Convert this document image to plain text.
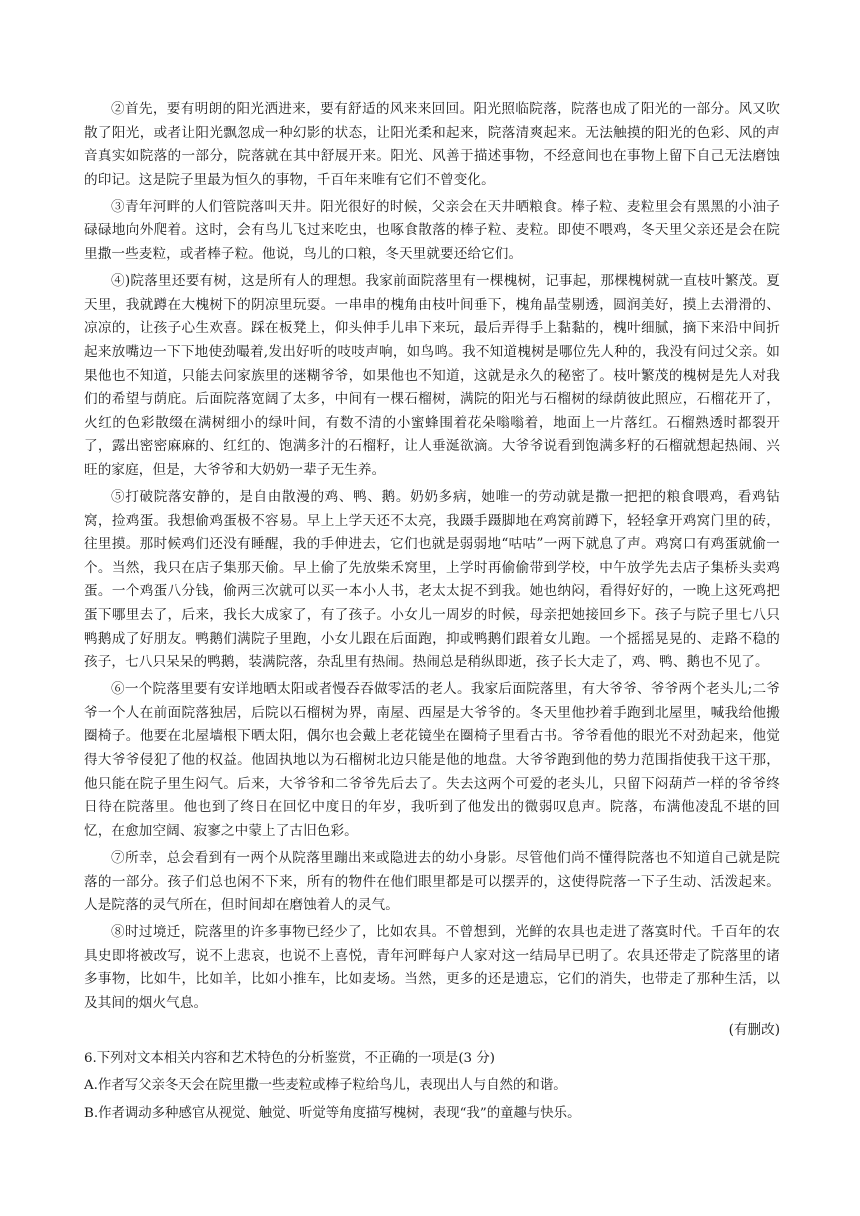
②首先，要有明朗的阳光洒进来，要有舒适的风来来回回。阳光照临院落，院落也成了阳光的一部分。风又吹散了阳光，或者让阳光飘忽成一种幻影的状态，让阳光柔和起来，院落清爽起来。无法触摸的阳光的色彩、风的声音真实如院落的一部分，院落就在其中舒展开来。阳光、风善于描述事物，不经意间也在事物上留下自己无法磨蚀的印记。这是院子里最为恒久的事物，千百年来唯有它们不曾变化。

③青年河畔的人们管院落叫天井。阳光很好的时候，父亲会在天井晒粮食。棒子粒、麦粒里会有黑黑的小油子碌碌地向外爬着。这时，会有鸟儿飞过来吃虫，也啄食散落的棒子粒、麦粒。即使不喂鸡，冬天里父亲还是会在院里撒一些麦粒，或者棒子粒。他说，鸟儿的口粮，冬天里就要还给它们。

④)院落里还要有树，这是所有人的理想。我家前面院落里有一棵槐树，记事起，那棵槐树就一直枝叶繁茂。夏天里，我就蹲在大槐树下的阴凉里玩耍。一串串的槐角由枝叶间垂下，槐角晶莹剔透，圆润美好，摸上去滑滑的、凉凉的，让孩子心生欢喜。踩在板凳上，仰头伸手儿串下来玩，最后弄得手上黏黏的，槐叶细腻，摘下来沿中间折起来放嘴边一下下地使劲嘬着,发出好听的吱吱声响，如鸟鸣。我不知道槐树是哪位先人种的，我没有问过父亲。如果他也不知道，只能去问家族里的迷糊爷爷，如果他也不知道，这就是永久的秘密了。枝叶繁茂的槐树是先人对我们的希望与荫庇。后面院落宽阔了太多，中间有一棵石榴树，满院的阳光与石榴树的绿荫彼此照应，石榴花开了，火红的色彩散缀在满树细小的绿叶间，有数不清的小蜜蜂围着花朵嗡嗡着，地面上一片落红。石榴熟透时都裂开了，露出密密麻麻的、红红的、饱满多汁的石榴籽，让人垂涎欲滴。大爷爷说看到饱满多籽的石榴就想起热闹、兴旺的家庭，但是，大爷爷和大奶奶一辈子无生养。

⑤打破院落安静的，是自由散漫的鸡、鸭、鹅。奶奶多病，她唯一的劳动就是撒一把把的粮食喂鸡，看鸡钻窝，捡鸡蛋。我想偷鸡蛋极不容易。早上上学天还不太亮，我蹑手蹑脚地在鸡窝前蹲下，轻轻拿开鸡窝门里的砖，往里摸。那时候鸡们还没有睡醒，我的手伸进去，它们也就是弱弱地“咕咕”一两下就息了声。鸡窝口有鸡蛋就偷一个。当然，我只在店子集那天偷。早上偷了先放柴禾窝里，上学时再偷偷带到学校，中午放学先去店子集桥头卖鸡蛋。一个鸡蛋八分钱，偷两三次就可以买一本小人书，老太太捉不到我。她也纳闷，看得好好的，一晚上这死鸡把蛋下哪里去了，后来，我长大成家了，有了孩子。小女儿一周岁的时候，母亲把她接回乡下。孩子与院子里七八只鸭鹅成了好朋友。鸭鹅们满院子里跑，小女儿跟在后面跑，抑或鸭鹅们跟着女儿跑。一个摇摇晃晃的、走路不稳的孩子，七八只呆呆的鸭鹅，装满院落，杂乱里有热闹。热闹总是稍纵即逝，孩子长大走了，鸡、鸭、鹅也不见了。

⑥一个院落里要有安详地晒太阳或者慢吞吞做零活的老人。我家后面院落里，有大爷爷、爷爷两个老头儿;二爷爷一个人在前面院落独居，后院以石榴树为界，南屋、西屋是大爷爷的。冬天里他抄着手跑到北屋里，喊我给他搬圈椅子。他要在北屋墙根下晒太阳，偶尔也会戴上老花镜坐在圈椅子里看古书。爷爷看他的眼光不对劲起来，他觉得大爷爷侵犯了他的权益。他固执地以为石榴树北边只能是他的地盘。大爷爷跑到他的势力范围指使我干这干那，他只能在院子里生闷气。后来，大爷爷和二爷爷先后去了。失去这两个可爱的老头儿，只留下闷葫芦一样的爷爷终日待在院落里。他也到了终日在回忆中度日的年岁，我听到了他发出的微弱叹息声。院落，布满他凌乱不堪的回忆，在愈加空阔、寂寥之中蒙上了古旧色彩。

⑦所幸，总会看到有一两个从院落里蹦出来或隐进去的幼小身影。尽管他们尚不懂得院落也不知道自己就是院落的一部分。孩子们总也闲不下来，所有的物件在他们眼里都是可以摆弄的，这使得院落一下子生动、活泼起来。人是院落的灵气所在，但时间却在磨蚀着人的灵气。

⑧时过境迁，院落里的许多事物已经少了，比如农具。不曾想到，光鲜的农具也走进了落寞时代。千百年的农具史即将被改写，说不上悲哀，也说不上喜悦，青年河畔每户人家对这一结局早已明了。农具还带走了院落里的诸多事物，比如牛，比如羊，比如小推车，比如麦场。当然，更多的还是遗忘，它们的消失，也带走了那种生活，以及其间的烟火气息。

(有删改)
6.下列对文本相关内容和艺术特色的分析鉴赏，不正确的一项是(3 分)
A.作者写父亲冬天会在院里撒一些麦粒或棒子粒给鸟儿，表现出人与自然的和谐。
B.作者调动多种感官从视觉、触觉、听觉等角度描写槐树，表现“我”的童趣与快乐。
